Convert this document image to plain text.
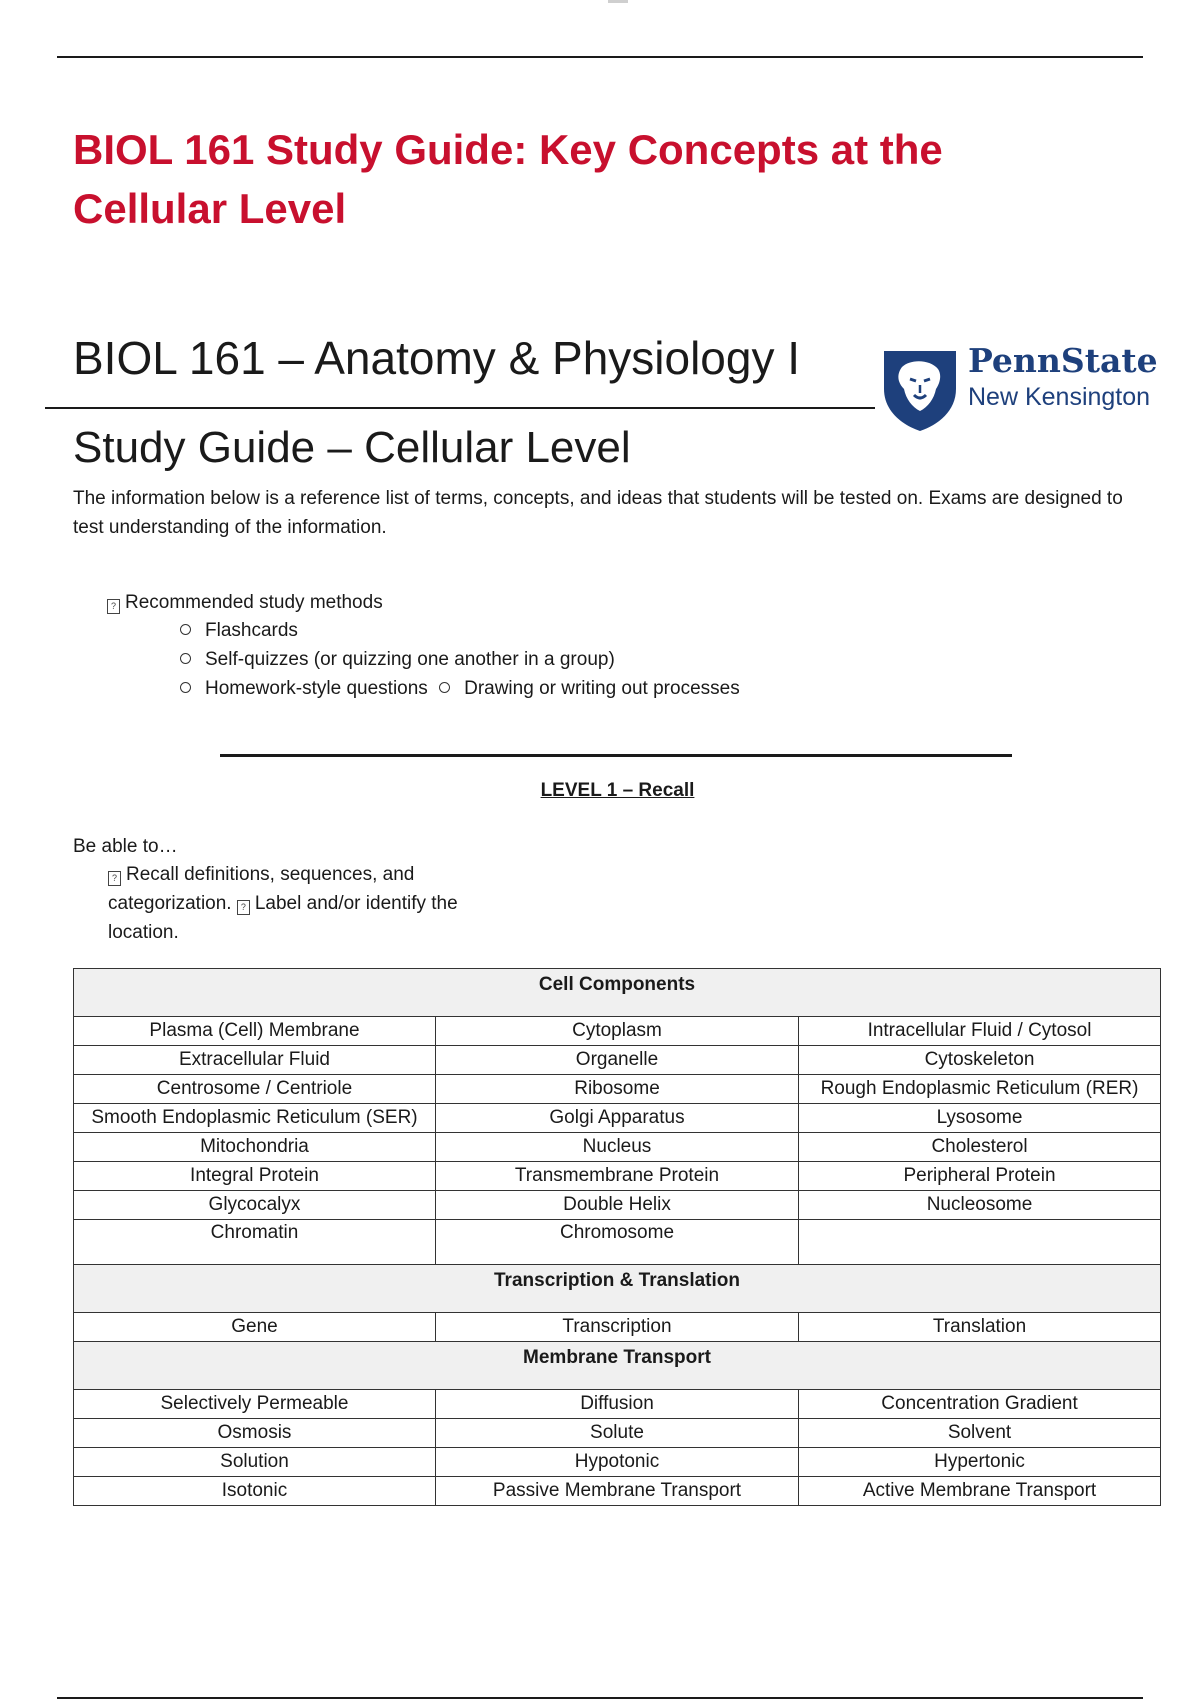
BIOL 161 Study Guide: Key Concepts at the Cellular Level
BIOL 161 – Anatomy & Physiology I	PennState
New Kensington
Study Guide – Cellular Level
The information below is a reference list of terms, concepts, and ideas that students will be tested on. Exams are designed to test understanding of the information.
? Recommended study methods
Flashcards
Self-quizzes (or quizzing one another in a group)
Homework-style questions Drawing or writing out processes
LEVEL 1 – Recall
Be able to…
? Recall definitions, sequences, and categorization. ? Label and/or identify the location.
Cell Components		
Plasma (Cell) Membrane	Cytoplasm	Intracellular Fluid / Cytosol
Extracellular Fluid	Organelle	Cytoskeleton
Centrosome / Centriole	Ribosome	Rough Endoplasmic Reticulum (RER)
Smooth Endoplasmic Reticulum (SER)	Golgi Apparatus	Lysosome
Mitochondria	Nucleus	Cholesterol
Integral Protein	Transmembrane Protein	Peripheral Protein
Glycocalyx	Double Helix	Nucleosome
Chromatin	Chromosome	
Transcription & Translation		
Gene	Transcription	Translation
Membrane Transport		
Selectively Permeable	Diffusion	Concentration Gradient
Osmosis	Solute	Solvent
Solution	Hypotonic	Hypertonic
Isotonic	Passive Membrane Transport	Active Membrane Transport
